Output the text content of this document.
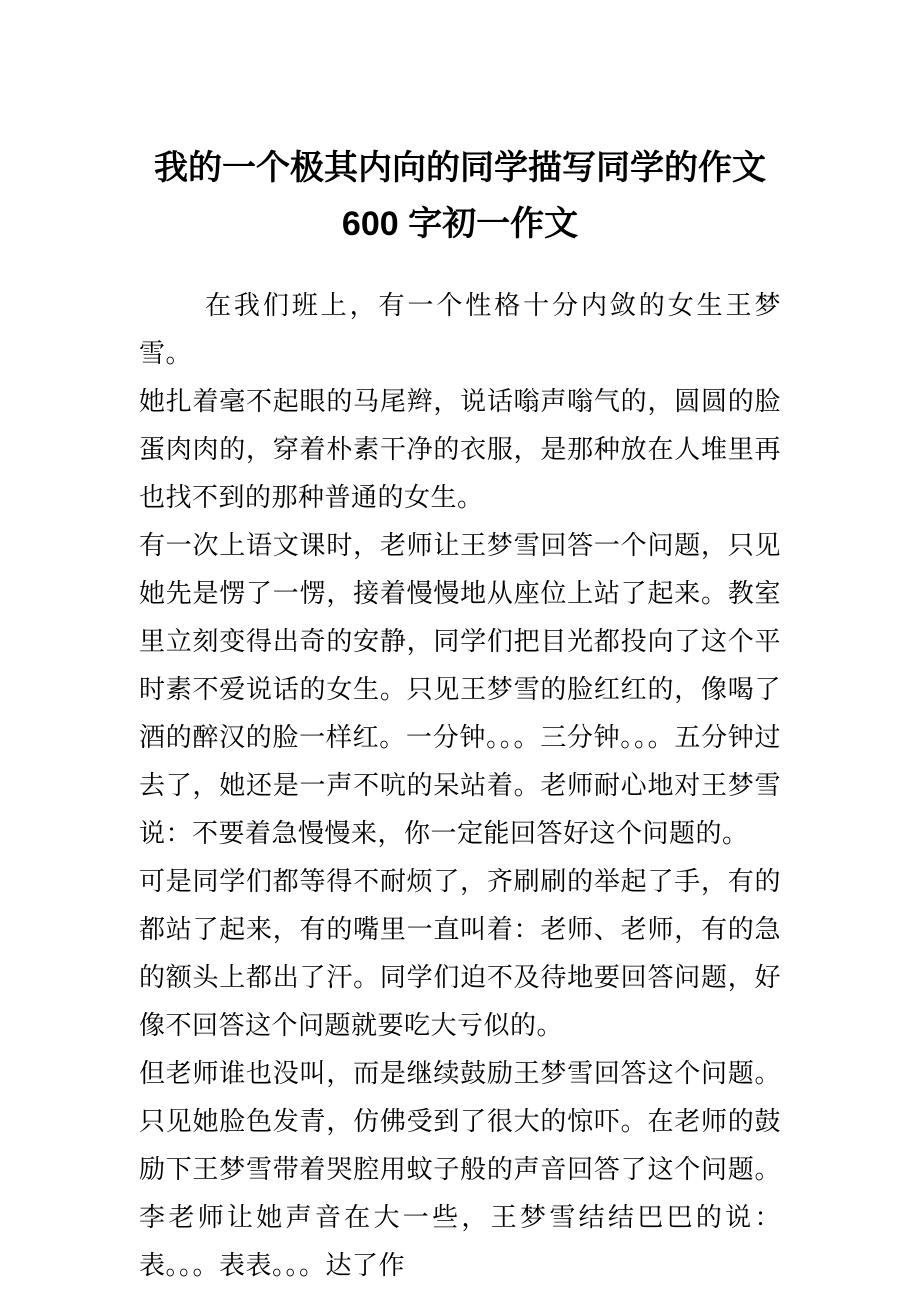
我的一个极其内向的同学描写同学的作文
600 字初一作文

在我们班上，有一个性格十分内敛的女生王梦雪。

她扎着毫不起眼的马尾辫，说话嗡声嗡气的，圆圆的脸蛋肉肉的，穿着朴素干净的衣服，是那种放在人堆里再也找不到的那种普通的女生。

有一次上语文课时，老师让王梦雪回答一个问题，只见她先是愣了一愣，接着慢慢地从座位上站了起来。教室里立刻变得出奇的安静，同学们把目光都投向了这个平时素不爱说话的女生。只见王梦雪的脸红红的，像喝了酒的醉汉的脸一样红。一分钟。。。三分钟。。。五分钟过去了，她还是一声不吭的呆站着。老师耐心地对王梦雪说：不要着急慢慢来，你一定能回答好这个问题的。

可是同学们都等得不耐烦了，齐刷刷的举起了手，有的都站了起来，有的嘴里一直叫着：老师、老师，有的急的额头上都出了汗。同学们迫不及待地要回答问题，好像不回答这个问题就要吃大亏似的。

但老师谁也没叫，而是继续鼓励王梦雪回答这个问题。只见她脸色发青，仿佛受到了很大的惊吓。在老师的鼓励下王梦雪带着哭腔用蚊子般的声音回答了这个问题。李老师让她声音在大一些，王梦雪结结巴巴的说：表。。。表表。。。达了作
